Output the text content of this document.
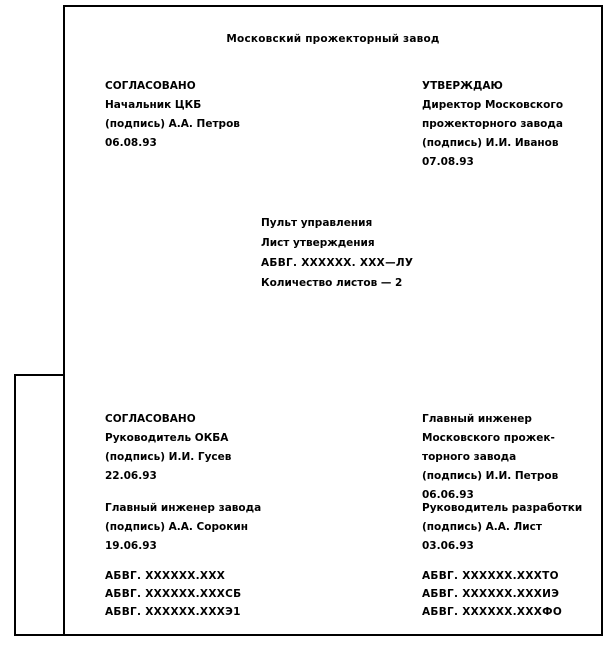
Московский прожекторный завод
СОГЛАСОВАНО
Начальник ЦКБ
(подпись) А.А. Петров
06.08.93
УТВЕРЖДАЮ
Директор Московского
прожекторного завода
(подпись) И.И. Иванов
07.08.93
Пульт управления
Лист утверждения
АБВГ. XXXXXX. XXX—ЛУ
Количество листов — 2
СОГЛАСОВАНО
Руководитель ОКБА
(подпись) И.И. Гусев
22.06.93
Главный инженер
Московского прожек-
торного завода
(подпись) И.И. Петров
06.06.93
Главный инженер завода
(подпись) А.А. Сорокин
19.06.93
Руководитель разработки
(подпись) А.А. Лист
03.06.93
АБВГ. XXXXXX.XXX
АБВГ. XXXXXX.XXXСБ
АБВГ. XXXXXX.XXXЭ1
АБВГ. XXXXXX.XXXТО
АБВГ. XXXXXX.XXXИЭ
АБВГ. XXXXXX.XXXФО
